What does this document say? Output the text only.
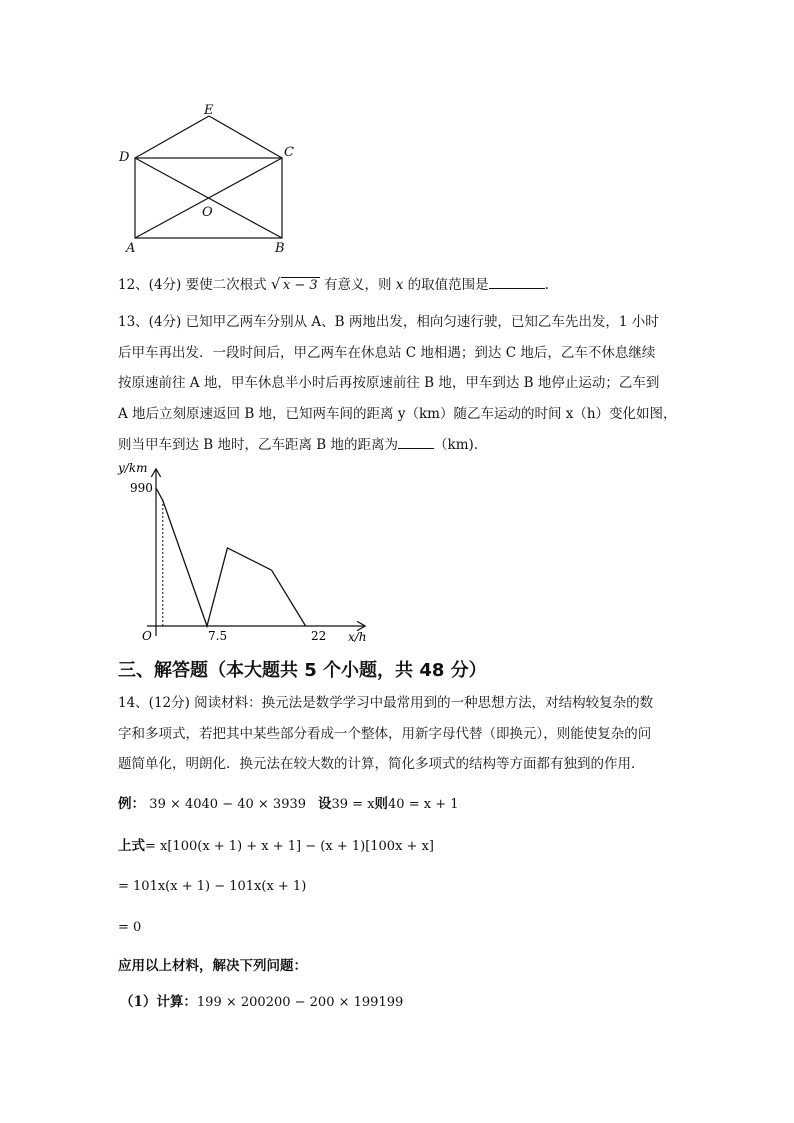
E
D	C
O
A	B
12、(4分) 要使二次根式 √ x − 3 有意义，则 x 的取值范围是	.
13、(4分) 已知甲乙两车分别从 A、B 两地出发，相向匀速行驶，已知乙车先出发，1 小时
后甲车再出发．一段时间后，甲乙两车在休息站 C 地相遇；到达 C 地后，乙车不休息继续
按原速前往 A 地，甲车休息半小时后再按原速前往 B 地，甲车到达 B 地停止运动；乙车到
A 地后立刻原速返回 B 地，已知两车间的距离 y（km）随乙车运动的时间 x（h）变化如图，
则当甲车到达 B 地时，乙车距离 B 地的距离为	（km).
y/km
x/h
O
990
7.5	22
三、解答题（本大题共 5 个小题，共 48 分）
14、(12分) 阅读材料：换元法是数学学习中最常用到的一种思想方法，对结构较复杂的数
字和多项式，若把其中某些部分看成一个整体，用新字母代替（即换元），则能使复杂的问
题简单化，明朗化．换元法在较大数的计算，简化多项式的结构等方面都有独到的作用．
例： 39 × 4040 − 40 × 3939 设39 = x则40 = x + 1
上式= x[100(x + 1) + x + 1] − (x + 1)[100x + x]
= 101x(x + 1) − 101x(x + 1)
= 0
应用以上材料，解决下列问题：
（1）计算：199 × 200200 − 200 × 199199
